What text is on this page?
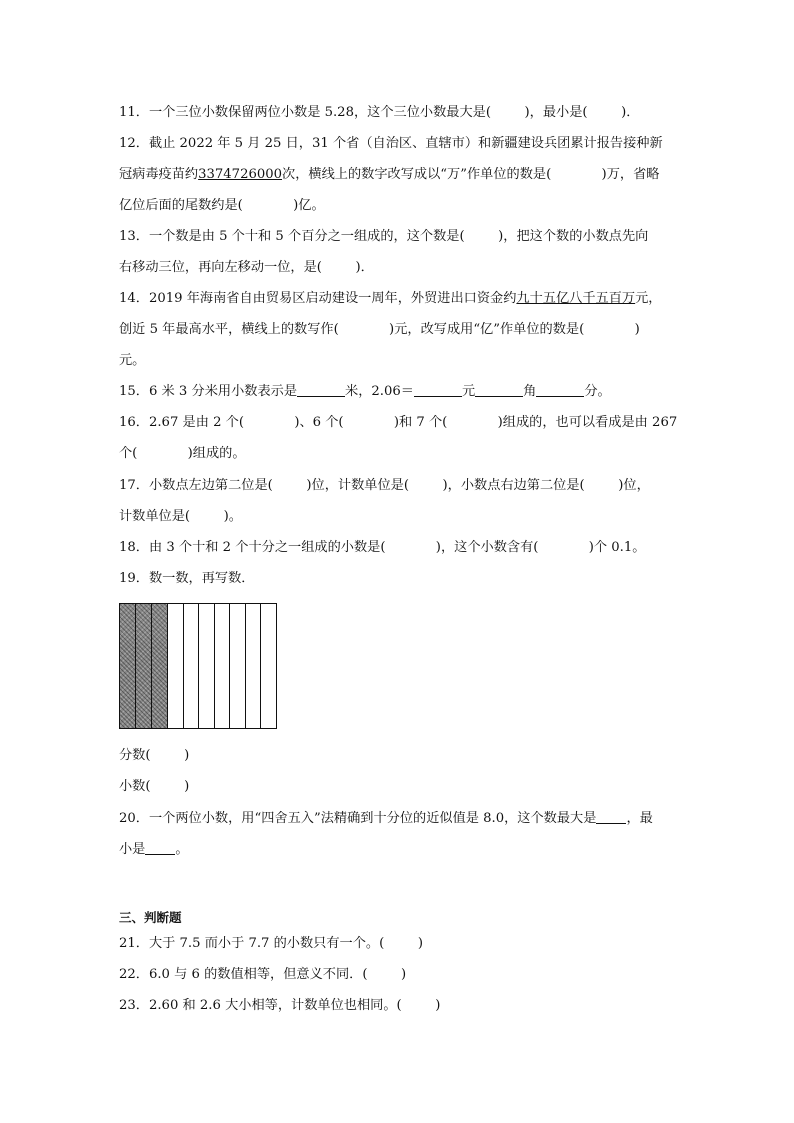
11．一个三位小数保留两位小数是 5.28，这个三位小数最大是(	)，最小是(	)．
12．截止 2022 年 5 月 25 日，31 个省（自治区、直辖市）和新疆建设兵团累计报告接种新
冠病毒疫苗约3374726000次，横线上的数字改写成以“万”作单位的数是(	)万，省略
亿位后面的尾数约是(	)亿。
13．一个数是由 5 个十和 5 个百分之一组成的，这个数是(	)，把这个数的小数点先向
右移动三位，再向左移动一位，是(	)．
14．2019 年海南省自由贸易区启动建设一周年，外贸进出口资金约九十五亿八千五百万元，
创近 5 年最高水平，横线上的数写作(	)元，改写成用“亿”作单位的数是(	)
元。
15．6 米 3 分米用小数表示是	米，2.06＝	元	角	分。
16．2.67 是由 2 个(	)、6 个(	)和 7 个(	)组成的，也可以看成是由 267
个(	)组成的。
17．小数点左边第二位是(	)位，计数单位是(	)，小数点右边第二位是(	)位，
计数单位是(	)。
18．由 3 个十和 2 个十分之一组成的小数是(	)，这个小数含有(	)个 0.1。
19．数一数，再写数．
分数(	)
小数(	)
20．一个两位小数，用“四舍五入”法精确到十分位的近似值是 8.0，这个数最大是 ，最
小是 。
三、判断题
21．大于 7.5 而小于 7.7 的小数只有一个。(	)
22．6.0 与 6 的数值相等，但意义不同．(	)
23．2.60 和 2.6 大小相等，计数单位也相同。(	)
